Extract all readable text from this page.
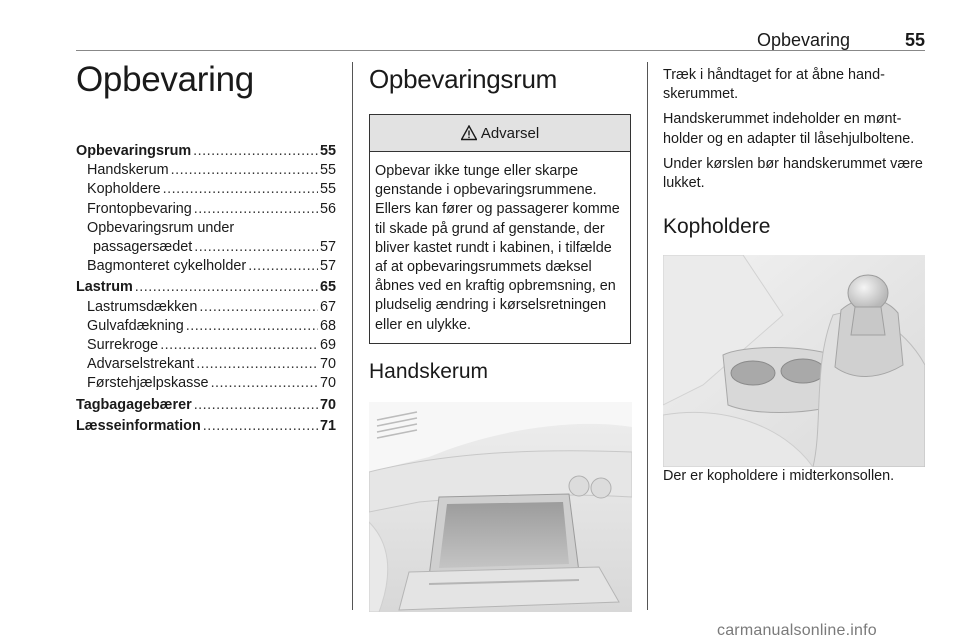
Opbevaring	55
Opbevaring
Opbevaringsrum .....	55
Handskerum .....	55
Kopholdere .....	55
Frontopbevaring .....	56
Opbevaringsrum under
passagersædet .....	57
Bagmonteret cykelholder .....	57
Lastrum .....	65
Lastrumsdækken .....	67
Gulvafdækning .....	68
Surrekroge .....	69
Advarselstrekant .....	70
Førstehjælpskasse .....	70
Tagbagagebærer .....	70
Læsseinformation .....	71
Opbevaringsrum
Advarsel
Opbevar ikke tunge eller skarpe genstande i opbevaringsrummene. Ellers kan fører og passagerer komme til skade på grund af genstande, der bliver kastet rundt i kabinen, i tilfælde af at opbevaringsrummets dæksel åbnes ved en kraftig opbremsning, en pludselig ændring i kørselsretningen eller en ulykke.
Handskerum

Træk i håndtaget for at åbne handskerummet.

Handskerummet indeholder en møntholder og en adapter til låsehjulboltene.

Under kørslen bør handskerummet være lukket.

Kopholdere

Der er kopholdere i midterkonsollen.

carmanualsonline.info
